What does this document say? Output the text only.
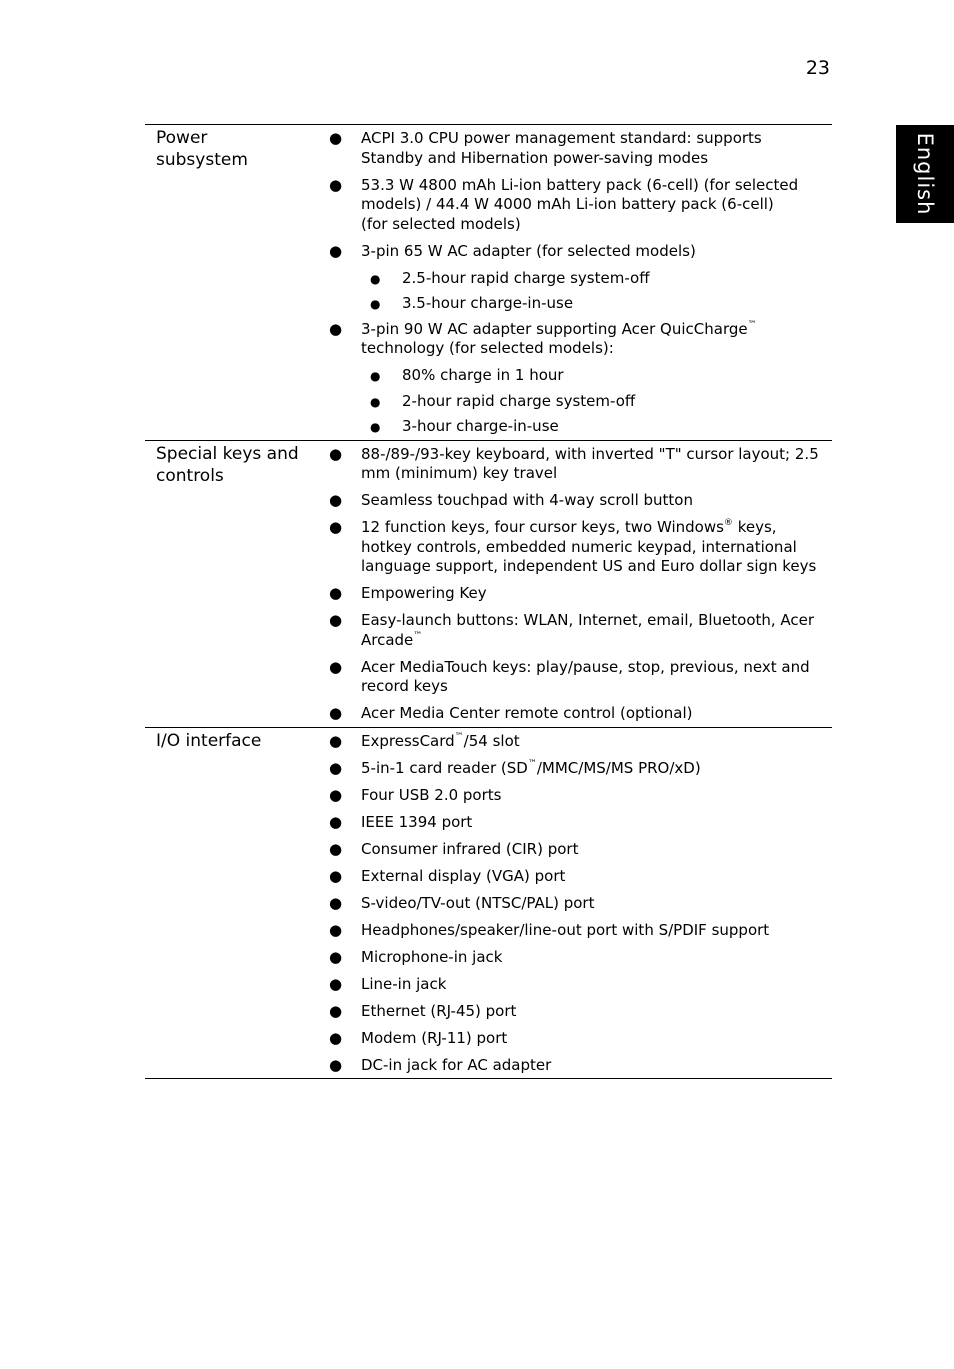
23
English
Power
subsystem
● ACPI 3.0 CPU power management standard: supports
Standby and Hibernation power-saving modes
● 53.3 W 4800 mAh Li-ion battery pack (6-cell) (for selected
models) / 44.4 W 4000 mAh Li-ion battery pack (6-cell)
(for selected models)
● 3-pin 65 W AC adapter (for selected models)
● 2.5-hour rapid charge system-off
● 3.5-hour charge-in-use
● 3-pin 90 W AC adapter supporting Acer QuicCharge™
technology (for selected models):
● 80% charge in 1 hour
● 2-hour rapid charge system-off
● 3-hour charge-in-use
Special keys and
controls
● 88-/89-/93-key keyboard, with inverted "T" cursor layout; 2.5
mm (minimum) key travel
● Seamless touchpad with 4-way scroll button
● 12 function keys, four cursor keys, two Windows® keys,
hotkey controls, embedded numeric keypad, international
language support, independent US and Euro dollar sign keys
● Empowering Key
● Easy-launch buttons: WLAN, Internet, email, Bluetooth, Acer
Arcade™
● Acer MediaTouch keys: play/pause, stop, previous, next and
record keys
● Acer Media Center remote control (optional)
I/O interface	● ExpressCard™/54 slot
● 5-in-1 card reader (SD™/MMC/MS/MS PRO/xD)
● Four USB 2.0 ports
● IEEE 1394 port
● Consumer infrared (CIR) port
● External display (VGA) port
● S-video/TV-out (NTSC/PAL) port
● Headphones/speaker/line-out port with S/PDIF support
● Microphone-in jack
● Line-in jack
● Ethernet (RJ-45) port
● Modem (RJ-11) port
● DC-in jack for AC adapter
